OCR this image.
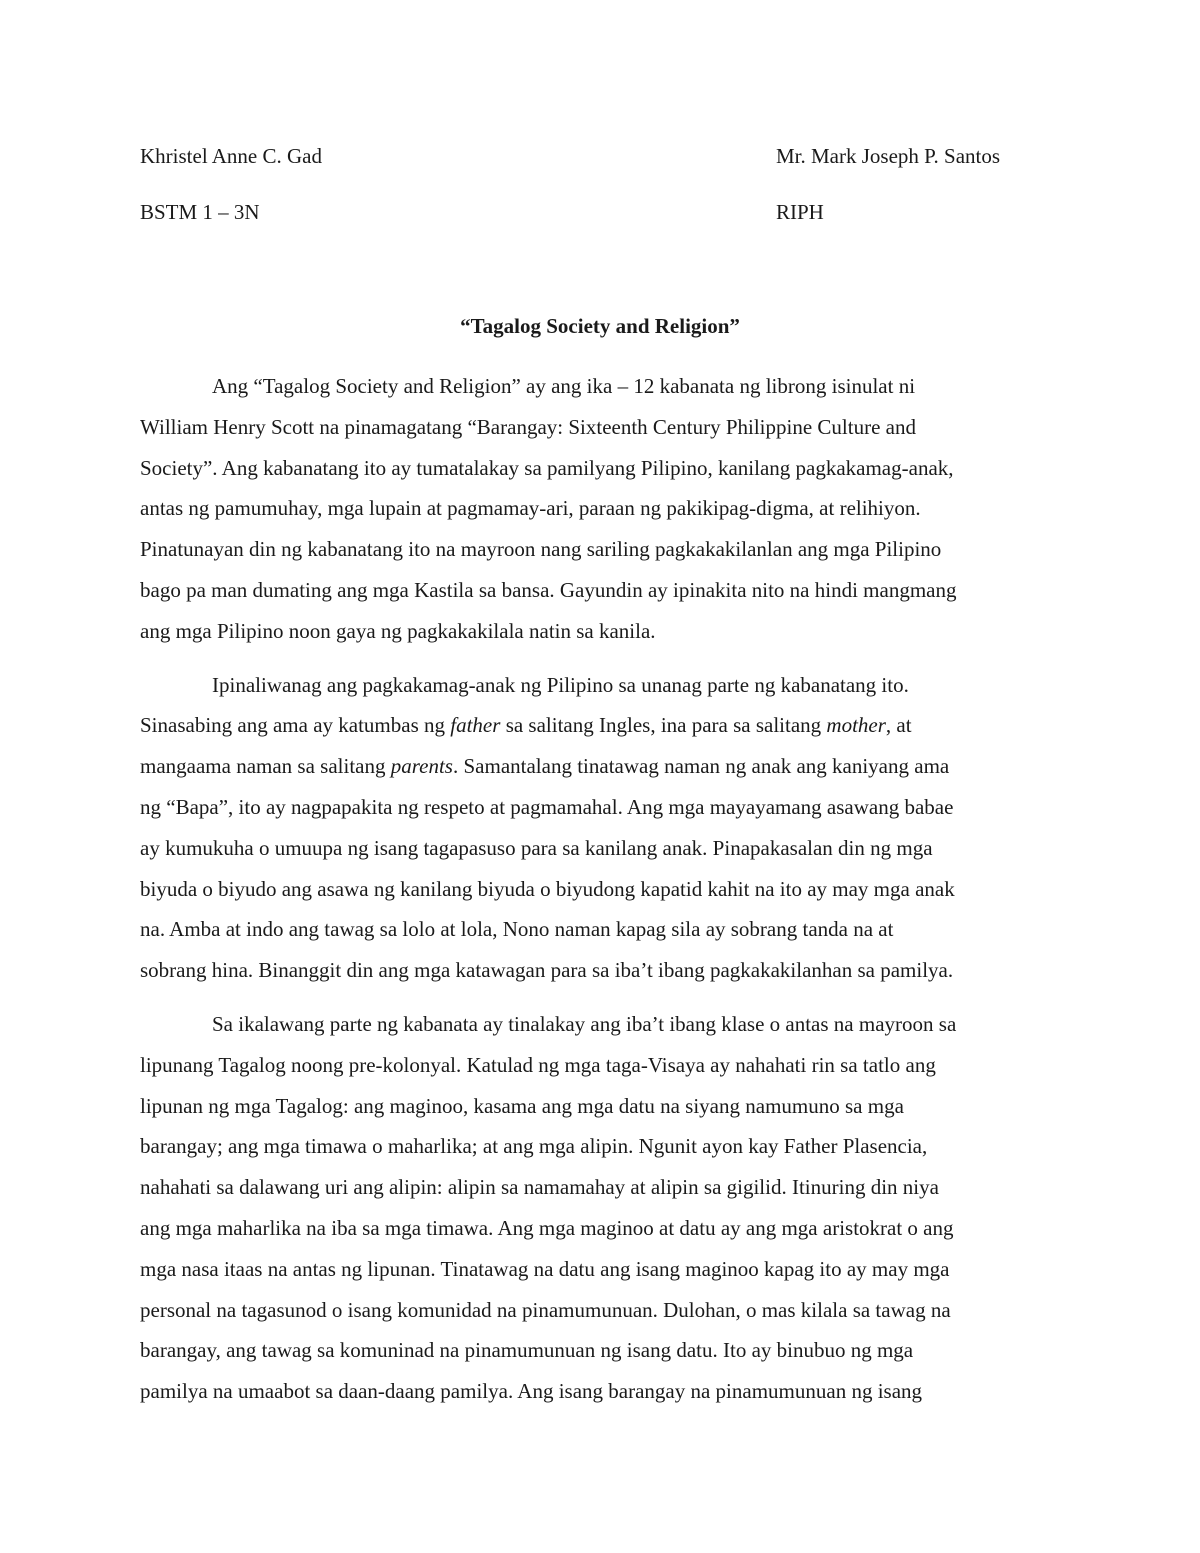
Khristel Anne C. Gad	Mr. Mark Joseph P. Santos
BSTM 1 – 3N	RIPH
“Tagalog Society and Religion”
Ang “Tagalog Society and Religion” ay ang ika – 12 kabanata ng librong isinulat ni
William Henry Scott na pinamagatang “Barangay: Sixteenth Century Philippine Culture and
Society”. Ang kabanatang ito ay tumatalakay sa pamilyang Pilipino, kanilang pagkakamag-anak,
antas ng pamumuhay, mga lupain at pagmamay-ari, paraan ng pakikipag-digma, at relihiyon.
Pinatunayan din ng kabanatang ito na mayroon nang sariling pagkakakilanlan ang mga Pilipino
bago pa man dumating ang mga Kastila sa bansa. Gayundin ay ipinakita nito na hindi mangmang
ang mga Pilipino noon gaya ng pagkakakilala natin sa kanila.
Ipinaliwanag ang pagkakamag-anak ng Pilipino sa unanag parte ng kabanatang ito.
Sinasabing ang ama ay katumbas ng father sa salitang Ingles, ina para sa salitang mother, at
mangaama naman sa salitang parents. Samantalang tinatawag naman ng anak ang kaniyang ama
ng “Bapa”, ito ay nagpapakita ng respeto at pagmamahal. Ang mga mayayamang asawang babae
ay kumukuha o umuupa ng isang tagapasuso para sa kanilang anak. Pinapakasalan din ng mga
biyuda o biyudo ang asawa ng kanilang biyuda o biyudong kapatid kahit na ito ay may mga anak
na. Amba at indo ang tawag sa lolo at lola, Nono naman kapag sila ay sobrang tanda na at
sobrang hina. Binanggit din ang mga katawagan para sa iba’t ibang pagkakakilanhan sa pamilya.
Sa ikalawang parte ng kabanata ay tinalakay ang iba’t ibang klase o antas na mayroon sa
lipunang Tagalog noong pre-kolonyal. Katulad ng mga taga-Visaya ay nahahati rin sa tatlo ang
lipunan ng mga Tagalog: ang maginoo, kasama ang mga datu na siyang namumuno sa mga
barangay; ang mga timawa o maharlika; at ang mga alipin. Ngunit ayon kay Father Plasencia,
nahahati sa dalawang uri ang alipin: alipin sa namamahay at alipin sa gigilid. Itinuring din niya
ang mga maharlika na iba sa mga timawa. Ang mga maginoo at datu ay ang mga aristokrat o ang
mga nasa itaas na antas ng lipunan. Tinatawag na datu ang isang maginoo kapag ito ay may mga
personal na tagasunod o isang komunidad na pinamumunuan. Dulohan, o mas kilala sa tawag na
barangay, ang tawag sa komuninad na pinamumunuan ng isang datu. Ito ay binubuo ng mga
pamilya na umaabot sa daan-daang pamilya. Ang isang barangay na pinamumunuan ng isang
